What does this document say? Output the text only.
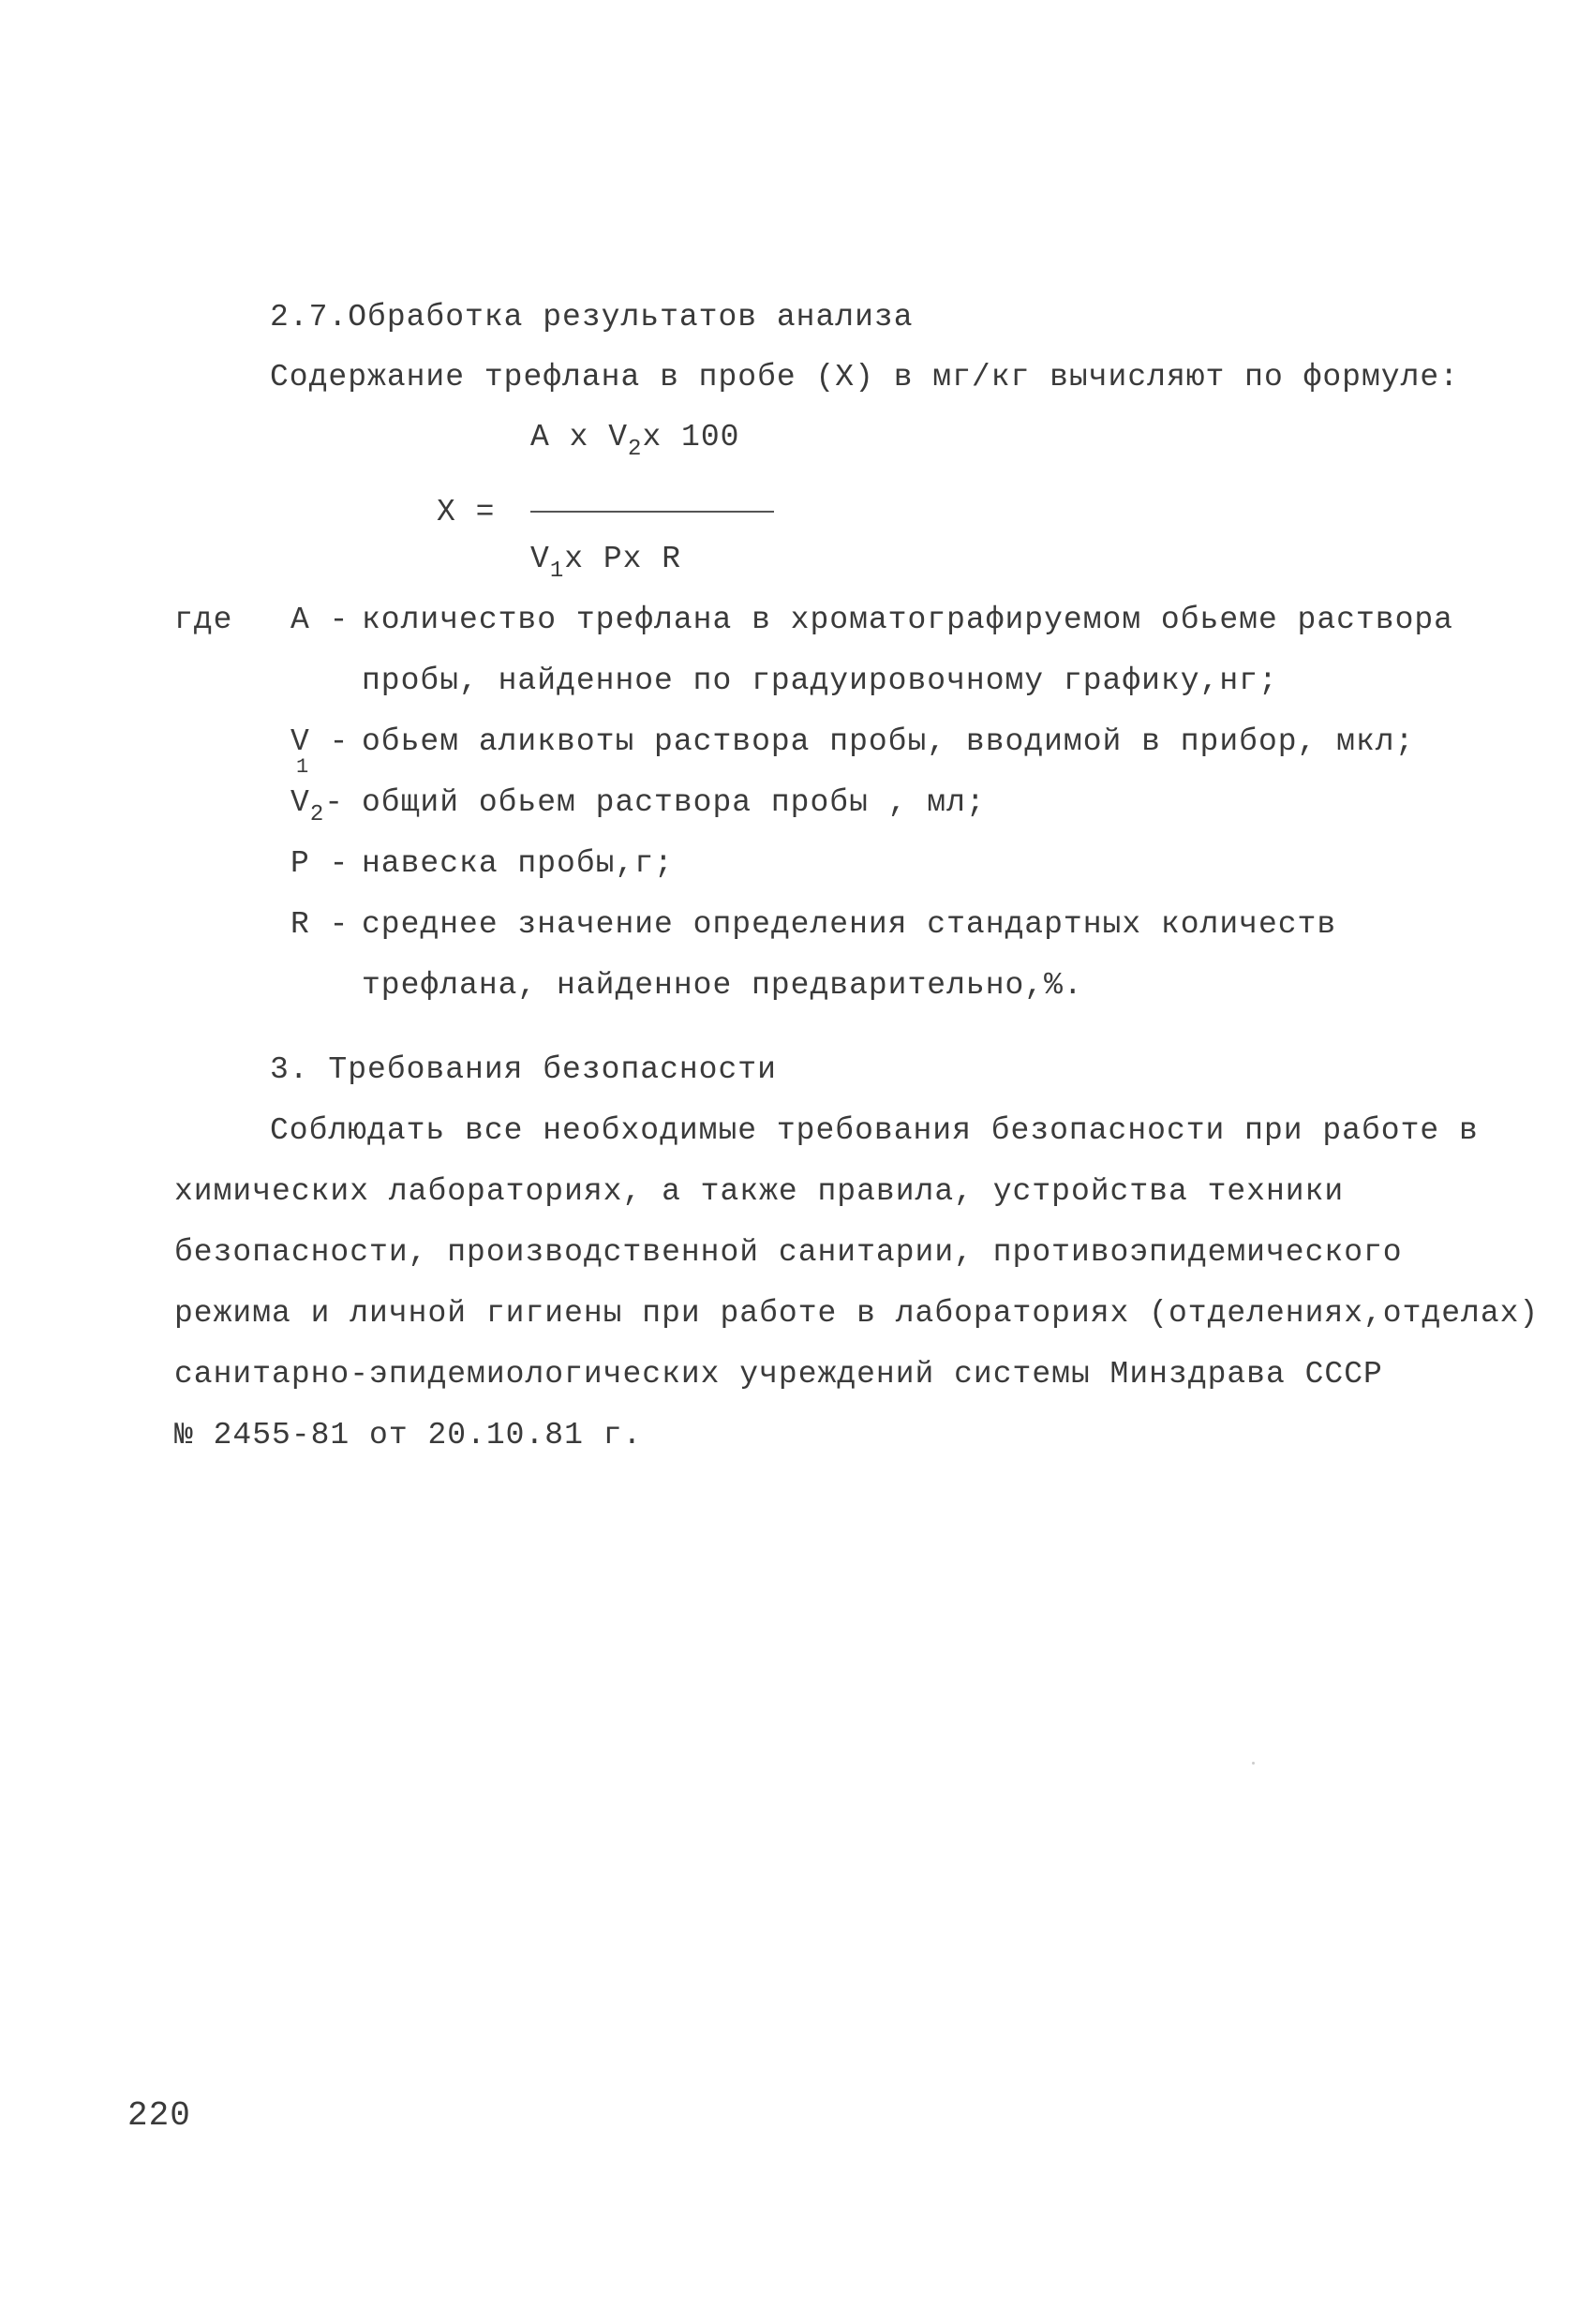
2.7.Обработка результатов анализа
Содержание трефлана в пробе (X) в мг/кг вычисляют по формуле:
A x $V_2x$ 100
X =
$V_1x$ Px R
где A - количество трефлана в хроматографируемом обьеме раствора
пробы, найденное по градуировочному графику,нг;
V -
1
обьем аликвоты раствора пробы, вводимой в прибор, мкл;
$V_2-$ общий обьем раствора пробы , мл;
P - навеска пробы,г;
R - среднее значение определения стандартных количеств
трефлана, найденное предварительно,%.
3. Требования безопасности
Соблюдать все необходимые требования безопасности при работе в
химических лабораториях, а также правила, устройства техники
безопасности, производственной санитарии, противоэпидемического
режима и личной гигиены при работе в лабораториях (отделениях,отделах)
санитарно-эпидемиологических учреждений системы Минздрава СССР
№ 2455-81 от 20.10.81 г.
220
